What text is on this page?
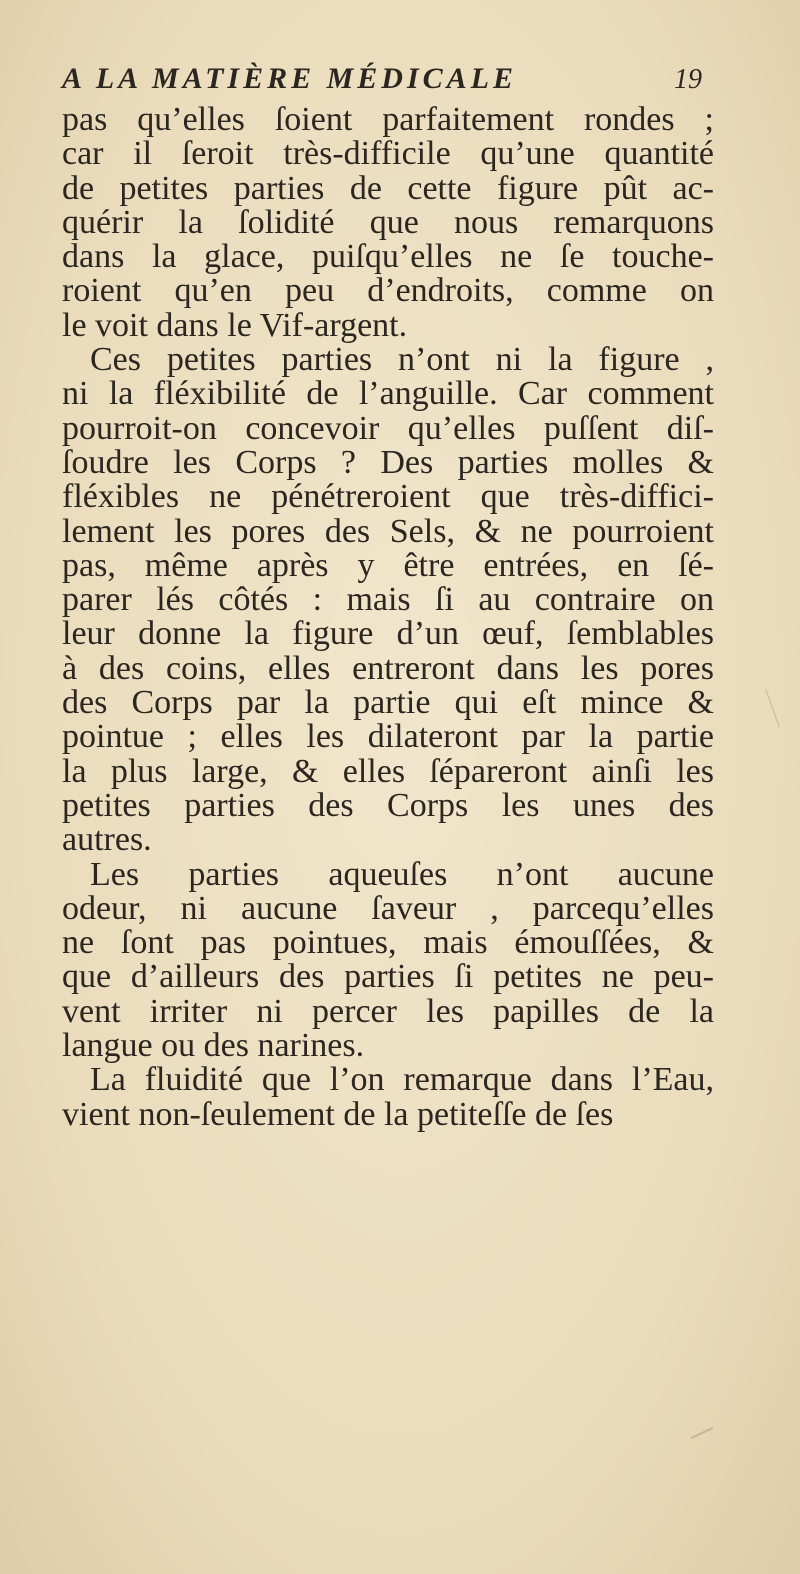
A LA MATIÈRE MÉDICALE	19
pas qu’elles ſoient parfaitement rondes ;
car il ſeroit très-difficile qu’une quantité
de petites parties de cette figure pût ac-
quérir la ſolidité que nous remarquons
dans la glace, puiſqu’elles ne ſe touche-
roient qu’en peu d’endroits, comme on
le voit dans le Vif-argent.
Ces petites parties n’ont ni la figure ,
ni la fléxibilité de l’anguille. Car comment
pourroit-on concevoir qu’elles puſſent diſ-
ſoudre les Corps ? Des parties molles &
fléxibles ne pénétreroient que très-diffici-
lement les pores des Sels, & ne pourroient
pas, même après y être entrées, en ſé-
parer lés côtés : mais ſi au contraire on
leur donne la figure d’un œuf, ſemblables
à des coins, elles entreront dans les pores
des Corps par la partie qui eſt mince &
pointue ; elles les dilateront par la partie
la plus large, & elles ſépareront ainſi les
petites parties des Corps les unes des
autres.
Les parties aqueuſes n’ont aucune
odeur, ni aucune ſaveur , parcequ’elles
ne ſont pas pointues, mais émouſſées, &
que d’ailleurs des parties ſi petites ne peu-
vent irriter ni percer les papilles de la
langue ou des narines.
La fluidité que l’on remarque dans l’Eau,
vient non-ſeulement de la petiteſſe de ſes
